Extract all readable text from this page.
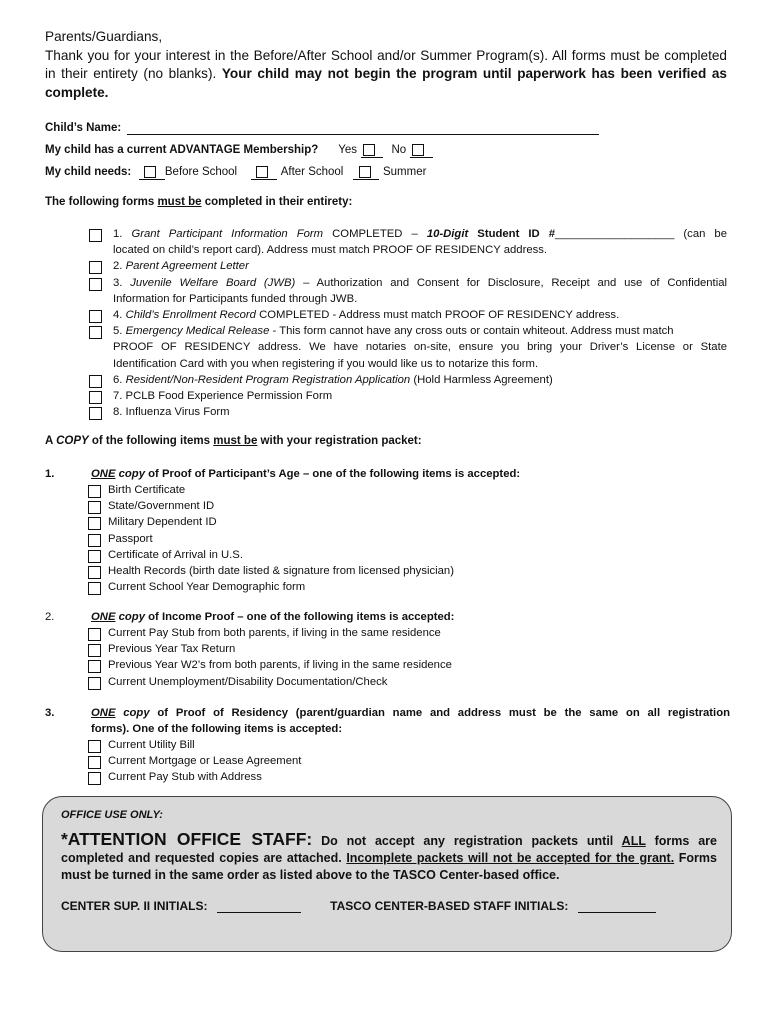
Parents/Guardians,

Thank you for your interest in the Before/After School and/or Summer Program(s). All forms must be completed in their entirety (no blanks). Your child may not begin the program until paperwork has been verified as complete.

Child’s Name:
My child has a current ADVANTAGE Membership? Yes
	No

My child needs:

	Before School

	After School

	Summer
The following forms must be completed in their entirety:
1. Grant Participant Information Form COMPLETED – 10-Digit Student ID #___________________ (can be
located on child’s report card). Address must match PROOF OF RESIDENCY address.
2. Parent Agreement Letter
3. Juvenile Welfare Board (JWB) – Authorization and Consent for Disclosure, Receipt and use of Confidential
Information for Participants funded through JWB.
4. Child’s Enrollment Record COMPLETED - Address must match PROOF OF RESIDENCY address.
5. Emergency Medical Release - This form cannot have any cross outs or contain whiteout. Address must match
PROOF OF RESIDENCY address. We have notaries on-site, ensure you bring your Driver’s License or State
Identification Card with you when registering if you would like us to notarize this form.
6. Resident/Non-Resident Program Registration Application (Hold Harmless Agreement)
7. PCLB Food Experience Permission Form
8. Influenza Virus Form
A COPY of the following items must be with your registration packet:
1.	ONE copy of Proof of Participant’s Age – one of the following items is accepted:
Birth Certificate
State/Government ID
Military Dependent ID
Passport
Certificate of Arrival in U.S.
Health Records (birth date listed & signature from licensed physician)
Current School Year Demographic form
2.	ONE copy of Income Proof – one of the following items is accepted:
Current Pay Stub from both parents, if living in the same residence
Previous Year Tax Return
Previous Year W2’s from both parents, if living in the same residence
Current Unemployment/Disability Documentation/Check
3.	ONE copy of Proof of Residency (parent/guardian name and address must be the same on all registration
forms). One of the following items is accepted:
Current Utility Bill
Current Mortgage or Lease Agreement
Current Pay Stub with Address
OFFICE USE ONLY:
*ATTENTION OFFICE STAFF: Do not accept any registration packets until ALL forms are completed and requested copies are attached. Incomplete packets will not be accepted for the grant. Forms must be turned in the same order as listed above to the TASCO Center-based office.
CENTER SUP. II INITIALS:	TASCO CENTER-BASED STAFF INITIALS:
